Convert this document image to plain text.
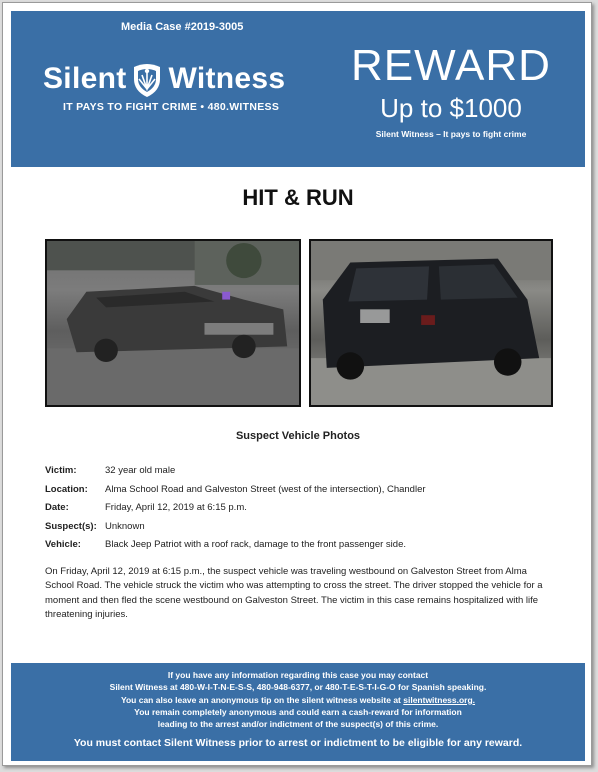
Media Case #2019-3005
Silent Witness
IT PAYS TO FIGHT CRIME • 480.WITNESS
REWARD
Up to $1000
Silent Witness – It pays to fight crime
HIT & RUN
Suspect Vehicle Photos
Victim:	32 year old male
Location:	Alma School Road and Galveston Street (west of the intersection), Chandler
Date:	Friday, April 12, 2019 at 6:15 p.m.
Suspect(s): Unknown
Vehicle:	Black Jeep Patriot with a roof rack, damage to the front passenger side.
On Friday, April 12, 2019 at 6:15 p.m., the suspect vehicle was traveling westbound on Galveston Street from Alma School Road. The vehicle struck the victim who was attempting to cross the street. The driver stopped the vehicle for a moment and then fled the scene westbound on Galveston Street. The victim in this case remains hospitalized with life threatening injuries.
If you have any information regarding this case you may contact
Silent Witness at 480-W-I-T-N-E-S-S, 480-948-6377, or 480-T-E-S-T-I-G-O for Spanish speaking.
You can also leave an anonymous tip on the silent witness website at silentwitness.org.
You remain completely anonymous and could earn a cash-reward for information
leading to the arrest and/or indictment of the suspect(s) of this crime.
You must contact Silent Witness prior to arrest or indictment to be eligible for any reward.
